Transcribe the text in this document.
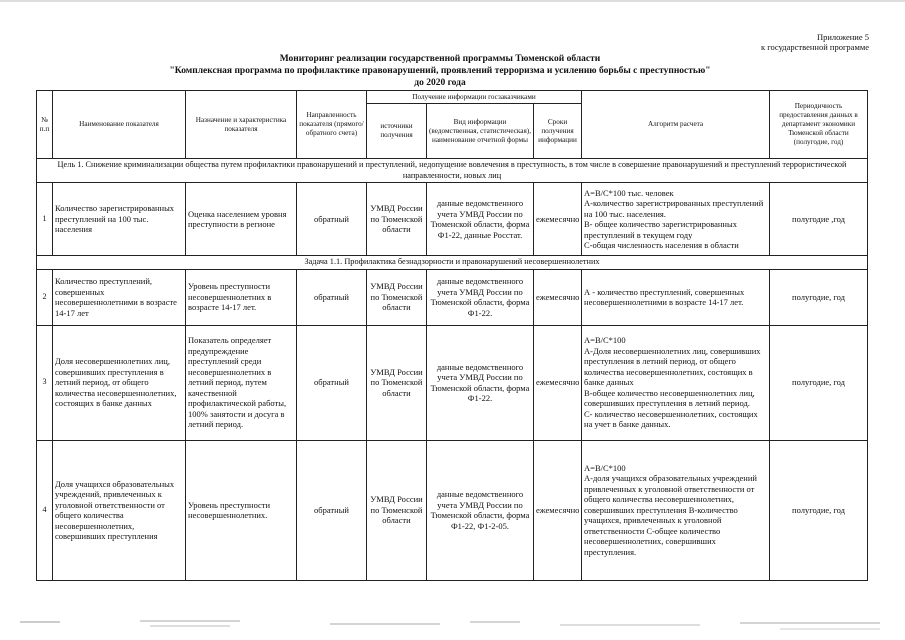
Приложение 5
к государственной программе
Мониторинг реализации государственной программы Тюменской области
"Комплексная программа по профилактике правонарушений, проявлений терроризма и усилению борьбы с преступностью"
до 2020 года
№ п.п	Наименование показателя	Назначение и характеристика показателя	Направленность показателя (прямого/обратного счета)	Получение информации госзаказчиками			Алгоритм расчета	Периодичность предоставления данных в департамент экономики Тюменской области (полугодие, год)
				источники получения	Вид информации (ведомственная, статистическая), наименование отчетной формы	Сроки получения информации		
Цель 1. Снижение криминализации общества путем профилактики правонарушений и преступлений, недопущение вовлечения в преступность, в том числе в совершение правонарушений и преступлений террористической направленности, новых лиц								
1	Количество зарегистрированных преступлений на 100 тыс. населения	Оценка населением уровня преступности в регионе	обратный	УМВД России по Тюменской области	данные ведомственного учета УМВД России по Тюменской области, форма Ф1-22, данные Росстат.	ежемесячно	A=B/C*100 тыс. человек
А-количество зарегистрированных преступлений на 100 тыс. населения.
В- общее количество зарегистрированных преступлений в текущем году
С-общая численность населения в области	полугодие ,год
Задача 1.1. Профилактика безнадзорности и правонарушений несовершеннолетних								
2	Количество преступлений, совершенных несовершеннолетними в возрасте 14-17 лет	Уровень преступности несовершеннолетних в возрасте 14-17 лет.	обратный	УМВД России по Тюменской области	данные ведомственного учета УМВД России по Тюменской области, форма Ф1-22.	ежемесячно	А - количество преступлений, совершенных несовершеннолетними в возрасте 14-17 лет.	полугодие, год
3	Доля несовершеннолетних лиц, совершивших преступления в летний период, от общего количества несовершеннолетних, состоящих в банке данных	Показатель определяет предупреждение преступлений среди несовершеннолетних в летний период, путем качественной профилактической работы, 100% занятости и досуга в летний период.	обратный	УМВД России по Тюменской области	данные ведомственного учета УМВД России по Тюменской области, форма Ф1-22.	ежемесячно	А=В/С*100
А-Доля несовершеннолетних лиц, совершивших преступления в летний период, от общего количества несовершеннолетних, состоящих в банке данных
В-общее количество несовершеннолетних лиц, совершивших преступления в летний период.
С- количество несовершеннолетних, состоящих на учет в банке данных.	полугодие, год
4	Доля учащихся образовательных учреждений, привлеченных к уголовной ответственности от общего количества несовершеннолетних, совершивших преступления	Уровень преступности несовершеннолетних.	обратный	УМВД России по Тюменской области	данные ведомственного учета УМВД России по Тюменской области, форма Ф1-22, Ф1-2-05.	ежемесячно	А=В/С*100
А-доля учащихся образовательных учреждений привлеченных к уголовной ответственности от общего количества несовершеннолетних, совершивших преступления В-количество учащихся, привлеченных к уголовной ответственности С-общее количество несовершеннолетних, совершивших преступления.	полугодие, год
